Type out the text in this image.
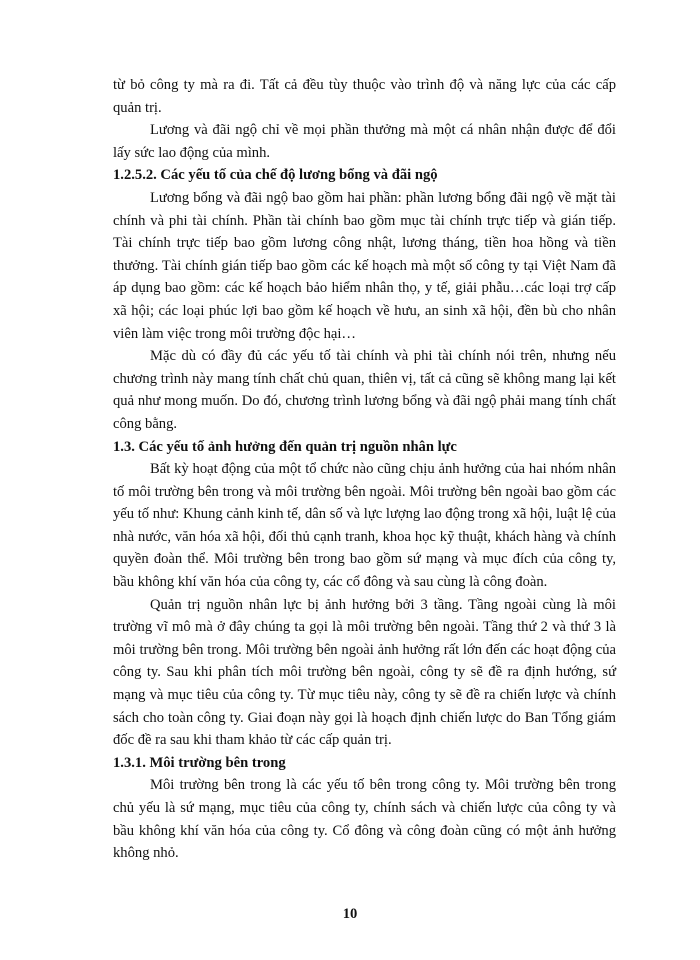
từ bỏ công ty mà ra đi. Tất cả đều tùy thuộc vào trình độ và năng lực của các cấp quản trị.

Lương và đãi ngộ chỉ về mọi phần thưởng mà một cá nhân nhận được để đổi lấy sức lao động của mình.

1.2.5.2. Các yếu tố của chế độ lương bổng và đãi ngộ

Lương bổng và đãi ngộ bao gồm hai phần: phần lương bổng đãi ngộ về mặt tài chính và phi tài chính. Phần tài chính bao gồm mục tài chính trực tiếp và gián tiếp. Tài chính trực tiếp bao gồm lương công nhật, lương tháng, tiền hoa hồng và tiền thưởng. Tài chính gián tiếp bao gồm các kế hoạch mà một số công ty tại Việt Nam đã áp dụng bao gồm: các kế hoạch bảo hiểm nhân thọ, y tế, giải phẫu…các loại trợ cấp xã hội; các loại phúc lợi bao gồm kế hoạch về hưu, an sinh xã hội, đền bù cho nhân viên làm việc trong môi trường độc hại…

Mặc dù có đầy đủ các yếu tố tài chính và phi tài chính nói trên, nhưng nếu chương trình này mang tính chất chủ quan, thiên vị, tất cả cũng sẽ không mang lại kết quả như mong muốn. Do đó, chương trình lương bổng và đãi ngộ phải mang tính chất công bằng.

1.3. Các yếu tố ảnh hưởng đến quản trị nguồn nhân lực

Bất kỳ hoạt động của một tổ chức nào cũng chịu ảnh hưởng của hai nhóm nhân tố môi trường bên trong và môi trường bên ngoài. Môi trường bên ngoài bao gồm các yếu tố như: Khung cảnh kinh tế, dân số và lực lượng lao động trong xã hội, luật lệ của nhà nước, văn hóa xã hội, đối thủ cạnh tranh, khoa học kỹ thuật, khách hàng và chính quyền đoàn thể. Môi trường bên trong bao gồm sứ mạng và mục đích của công ty, bầu không khí văn hóa của công ty, các cổ đông và sau cùng là công đoàn.

Quản trị nguồn nhân lực bị ảnh hưởng bởi 3 tầng. Tầng ngoài cùng là môi trường vĩ mô mà ở đây chúng ta gọi là môi trường bên ngoài. Tầng thứ 2 và thứ 3 là môi trường bên trong. Môi trường bên ngoài ảnh hưởng rất lớn đến các hoạt động của công ty. Sau khi phân tích môi trường bên ngoài, công ty sẽ đề ra định hướng, sứ mạng và mục tiêu của công ty. Từ mục tiêu này, công ty sẽ đề ra chiến lược và chính sách cho toàn công ty. Giai đoạn này gọi là hoạch định chiến lược do Ban Tổng giám đốc đề ra sau khi tham khảo từ các cấp quản trị.

1.3.1. Môi trường bên trong

Môi trường bên trong là các yếu tố bên trong công ty. Môi trường bên trong chủ yếu là sứ mạng, mục tiêu của công ty, chính sách và chiến lược của công ty và bầu không khí văn hóa của công ty. Cổ đông và công đoàn cũng có một ảnh hưởng không nhỏ.

10
